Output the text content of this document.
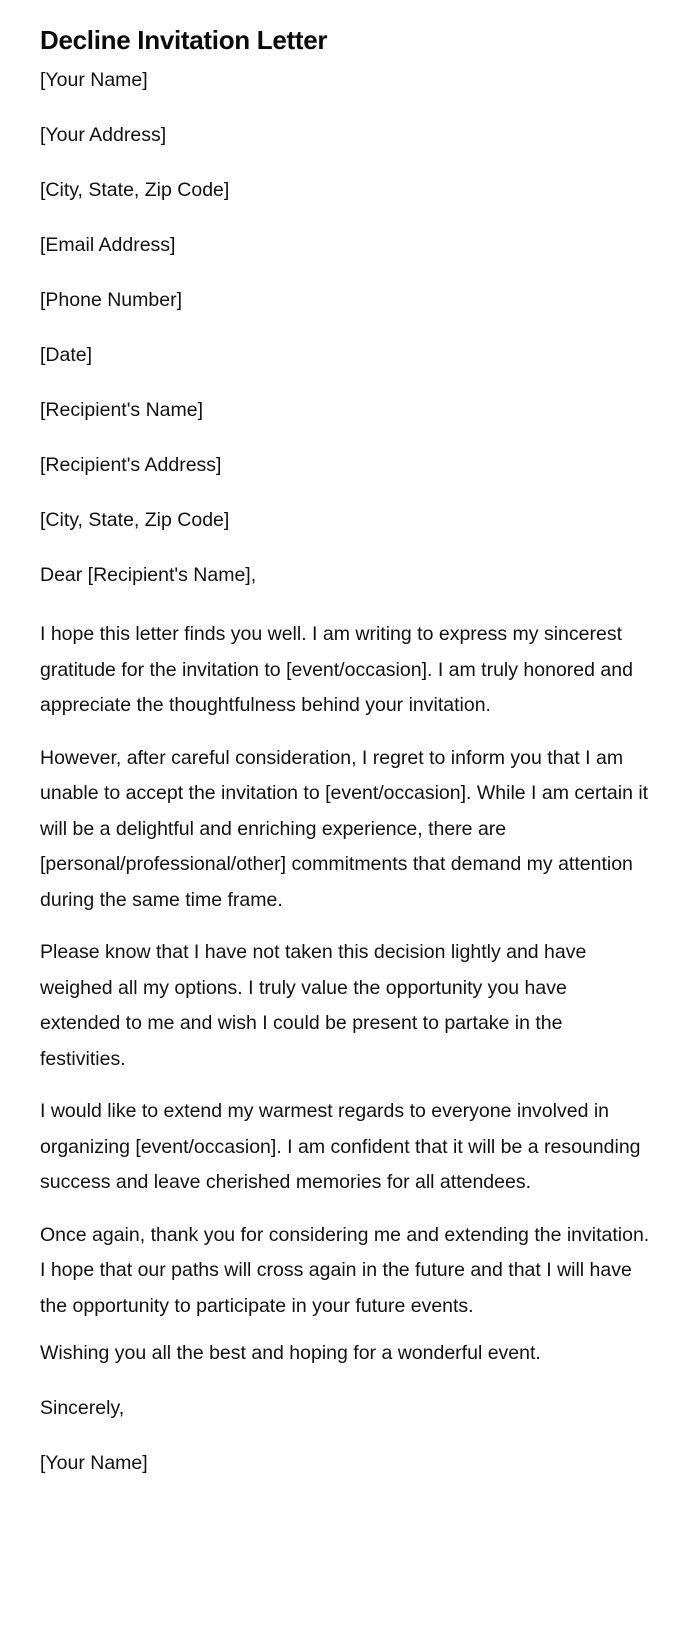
Decline Invitation Letter
[Your Name]
[Your Address]
[City, State, Zip Code]
[Email Address]
[Phone Number]
[Date]
[Recipient's Name]
[Recipient's Address]
[City, State, Zip Code]
Dear [Recipient's Name],

I hope this letter finds you well. I am writing to express my sincerest gratitude for the invitation to [event/occasion]. I am truly honored and appreciate the thoughtfulness behind your invitation.

However, after careful consideration, I regret to inform you that I am unable to accept the invitation to [event/occasion]. While I am certain it will be a delightful and enriching experience, there are [personal/professional/other] commitments that demand my attention during the same time frame.

Please know that I have not taken this decision lightly and have weighed all my options. I truly value the opportunity you have extended to me and wish I could be present to partake in the festivities.

I would like to extend my warmest regards to everyone involved in organizing [event/occasion]. I am confident that it will be a resounding success and leave cherished memories for all attendees.

Once again, thank you for considering me and extending the invitation. I hope that our paths will cross again in the future and that I will have the opportunity to participate in your future events.

Wishing you all the best and hoping for a wonderful event.
Sincerely,
[Your Name]
